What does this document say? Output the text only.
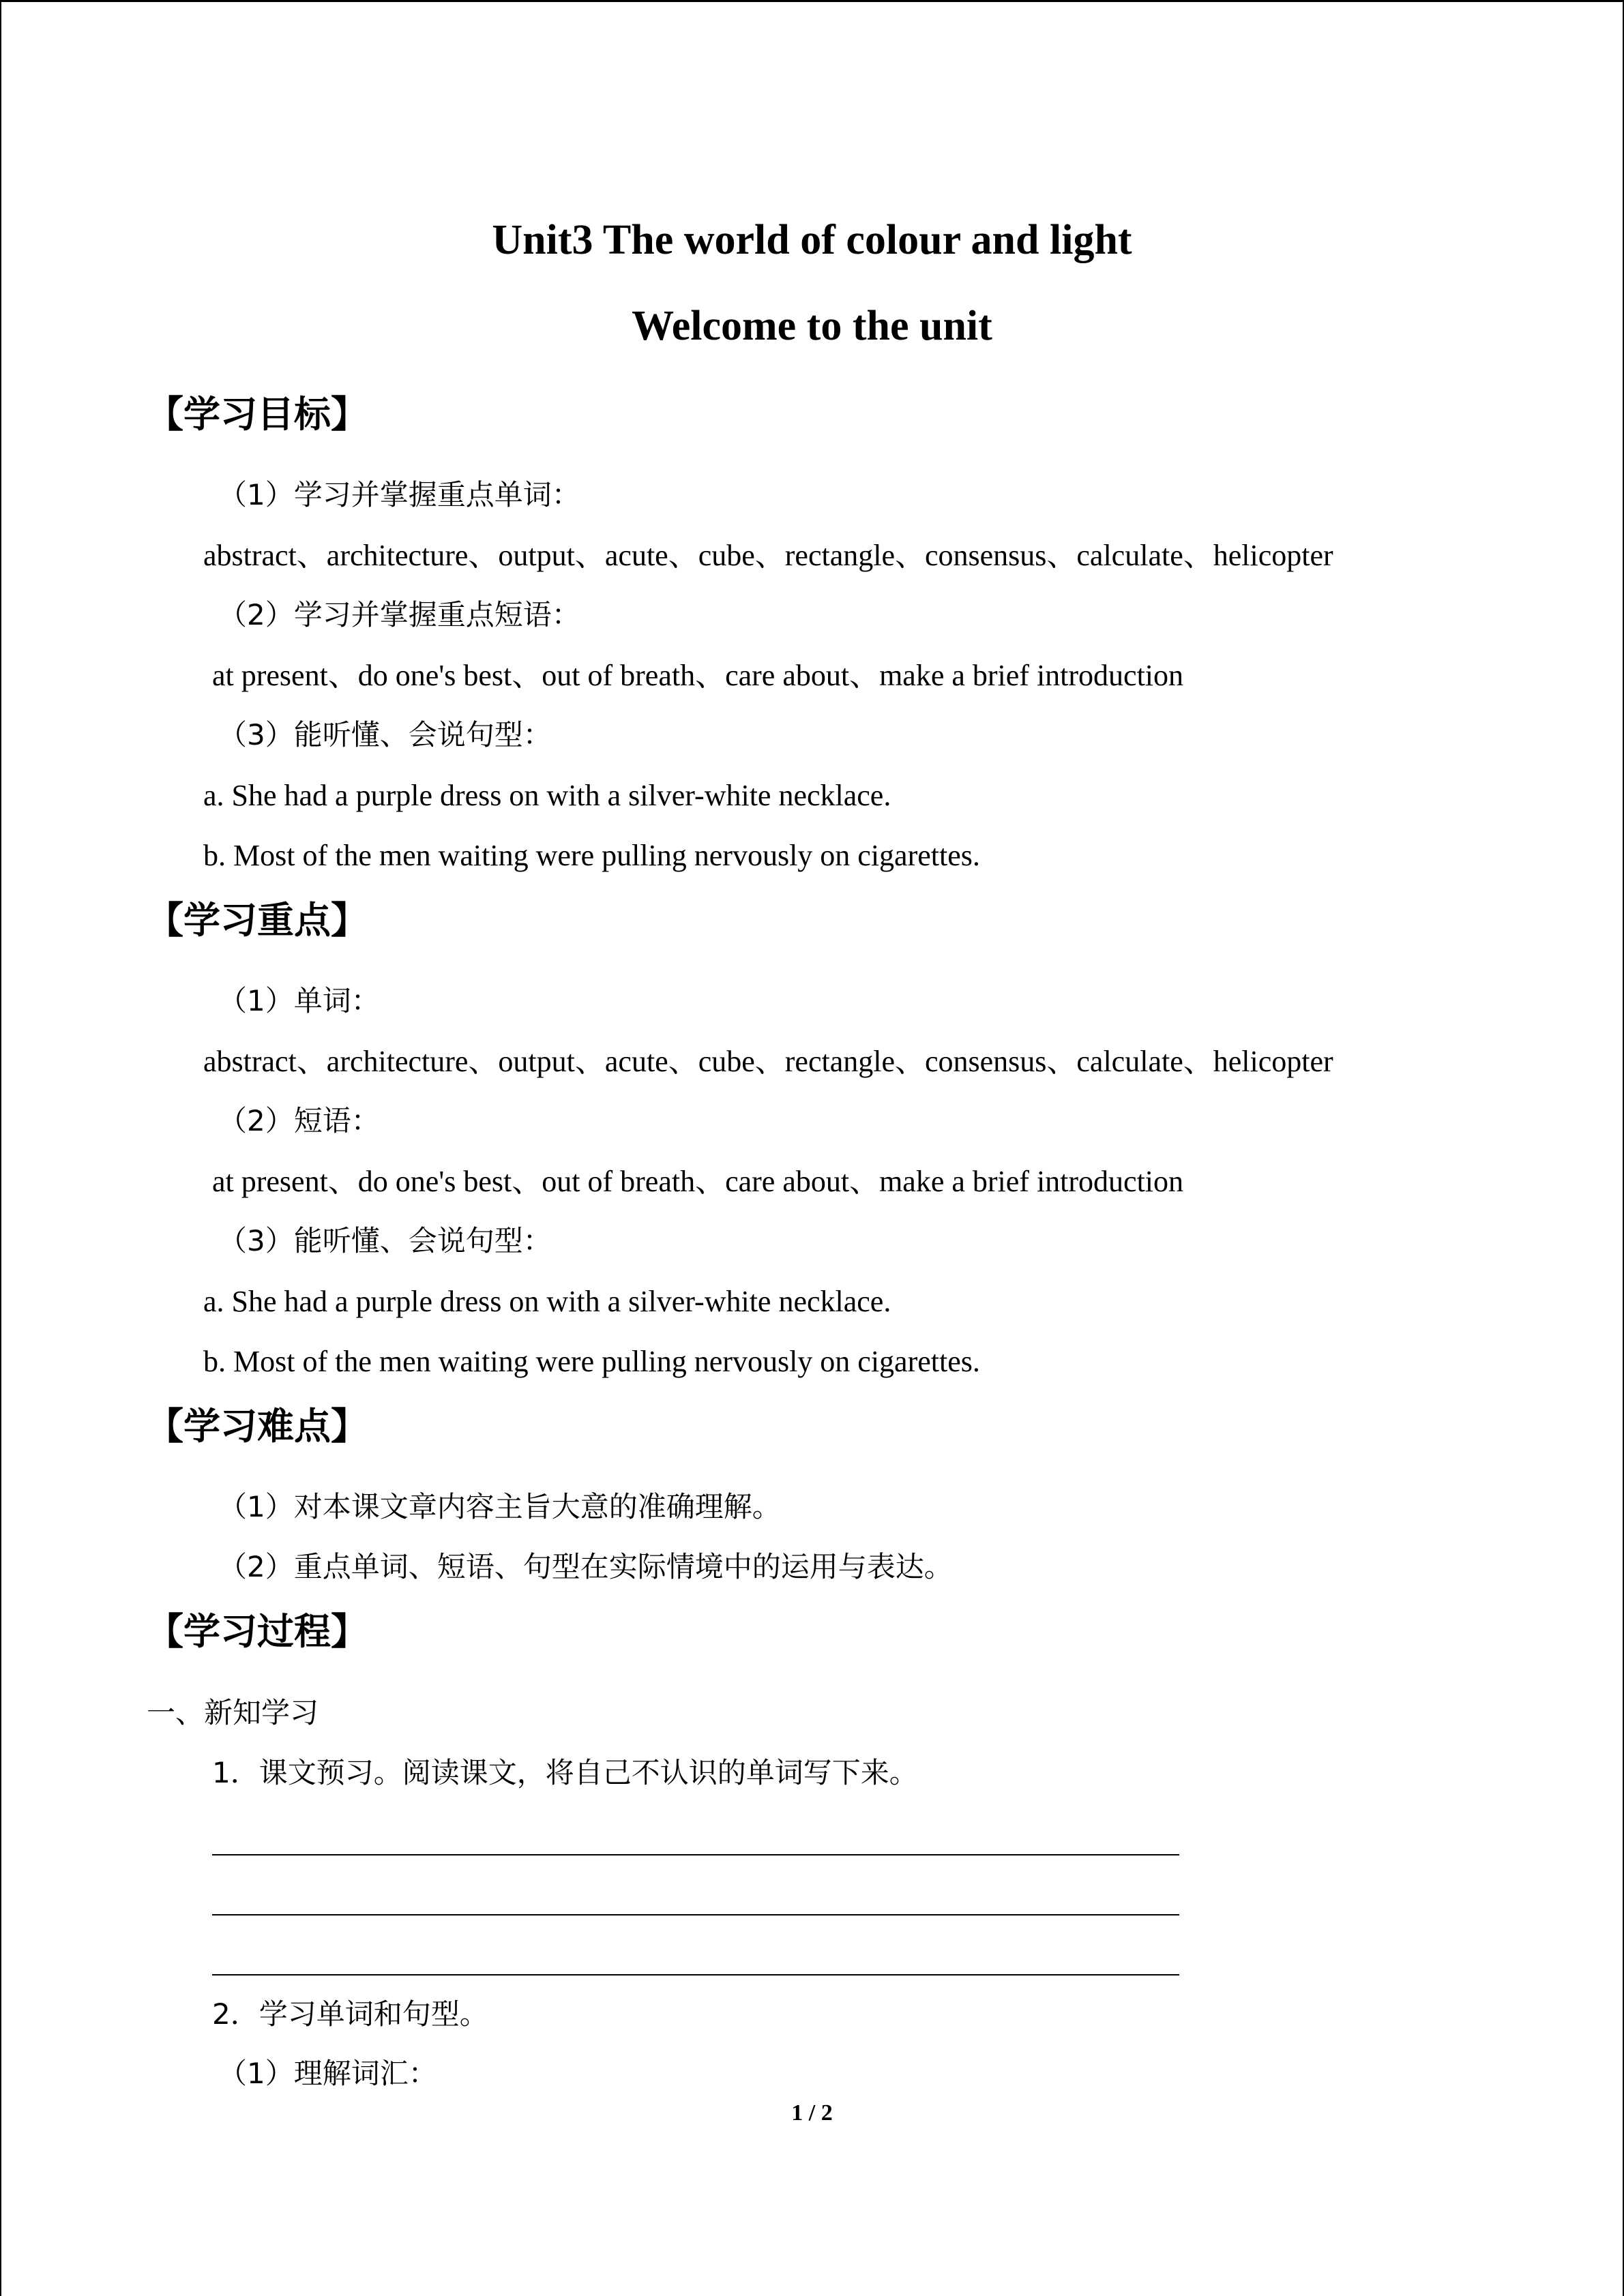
Unit3 The world of colour and light
Welcome to the unit
【学习目标】
（1）学习并掌握重点单词：
abstract、architecture、output、acute、cube、rectangle、consensus、calculate、helicopter
（2）学习并掌握重点短语：
at present、do one's best、out of breath、care about、make a brief introduction
（3）能听懂、会说句型：
a. She had a purple dress on with a silver-white necklace.
b. Most of the men waiting were pulling nervously on cigarettes.
【学习重点】
（1）单词：
abstract、architecture、output、acute、cube、rectangle、consensus、calculate、helicopter
（2）短语：
at present、do one's best、out of breath、care about、make a brief introduction
（3）能听懂、会说句型：
a. She had a purple dress on with a silver-white necklace.
b. Most of the men waiting were pulling nervously on cigarettes.
【学习难点】
（1）对本课文章内容主旨大意的准确理解。
（2）重点单词、短语、句型在实际情境中的运用与表达。
【学习过程】
一、新知学习
1．课文预习。阅读课文，将自己不认识的单词写下来。
2．学习单词和句型。
（1）理解词汇：
1 / 2
